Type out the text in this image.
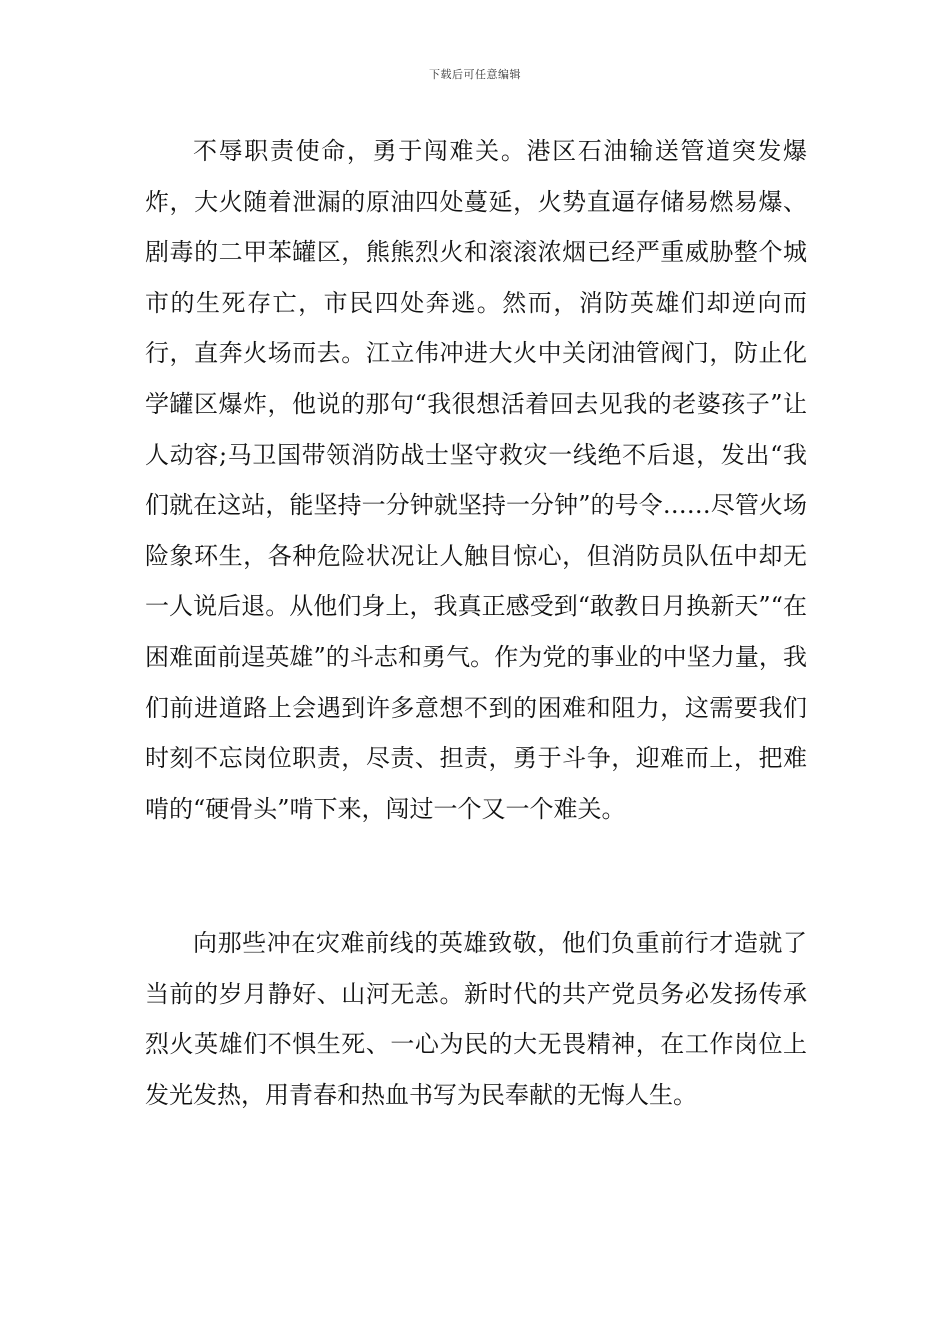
下载后可任意编辑

不辱职责使命，勇于闯难关。港区石油输送管道突发爆炸，大火随着泄漏的原油四处蔓延，火势直逼存储易燃易爆、剧毒的二甲苯罐区，熊熊烈火和滚滚浓烟已经严重威胁整个城市的生死存亡，市民四处奔逃。然而，消防英雄们却逆向而行，直奔火场而去。江立伟冲进大火中关闭油管阀门，防止化学罐区爆炸，他说的那句“我很想活着回去见我的老婆孩子”让人动容;马卫国带领消防战士坚守救灾一线绝不后退，发出“我们就在这站，能坚持一分钟就坚持一分钟”的号令……尽管火场险象环生，各种危险状况让人触目惊心，但消防员队伍中却无一人说后退。从他们身上，我真正感受到“敢教日月换新天”“在困难面前逞英雄”的斗志和勇气。作为党的事业的中坚力量，我们前进道路上会遇到许多意想不到的困难和阻力，这需要我们时刻不忘岗位职责，尽责、担责，勇于斗争，迎难而上，把难啃的“硬骨头”啃下来，闯过一个又一个难关。

向那些冲在灾难前线的英雄致敬，他们负重前行才造就了当前的岁月静好、山河无恙。新时代的共产党员务必发扬传承烈火英雄们不惧生死、一心为民的大无畏精神，在工作岗位上发光发热，用青春和热血书写为民奉献的无悔人生。
